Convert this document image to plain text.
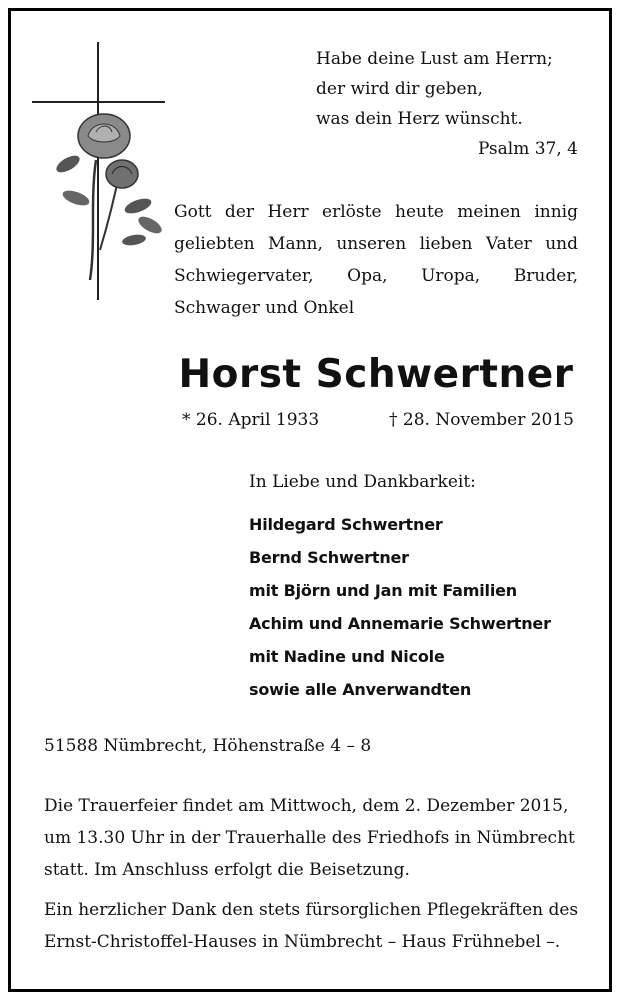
Habe deine Lust am Herrn;
der wird dir geben,
was dein Herz wünscht.
Psalm 37, 4
Gott der Herr erlöste heute meinen innig
geliebten Mann, unseren lieben Vater und
Schwiegervater, Opa, Uropa, Bruder,
Schwager und Onkel
Horst Schwertner
* 26. April 1933	† 28. November 2015
In Liebe und Dankbarkeit:
Hildegard Schwertner
Bernd Schwertner
mit Björn und Jan mit Familien
Achim und Annemarie Schwertner
mit Nadine und Nicole
sowie alle Anverwandten
51588 Nümbrecht, Höhenstraße 4 – 8
Die Trauerfeier findet am Mittwoch, dem 2. Dezember 2015,
um 13.30 Uhr in der Trauerhalle des Friedhofs in Nümbrecht
statt. Im Anschluss erfolgt die Beisetzung.
Ein herzlicher Dank den stets fürsorglichen Pflegekräften des
Ernst-Christoffel-Hauses in Nümbrecht – Haus Frühnebel –.
